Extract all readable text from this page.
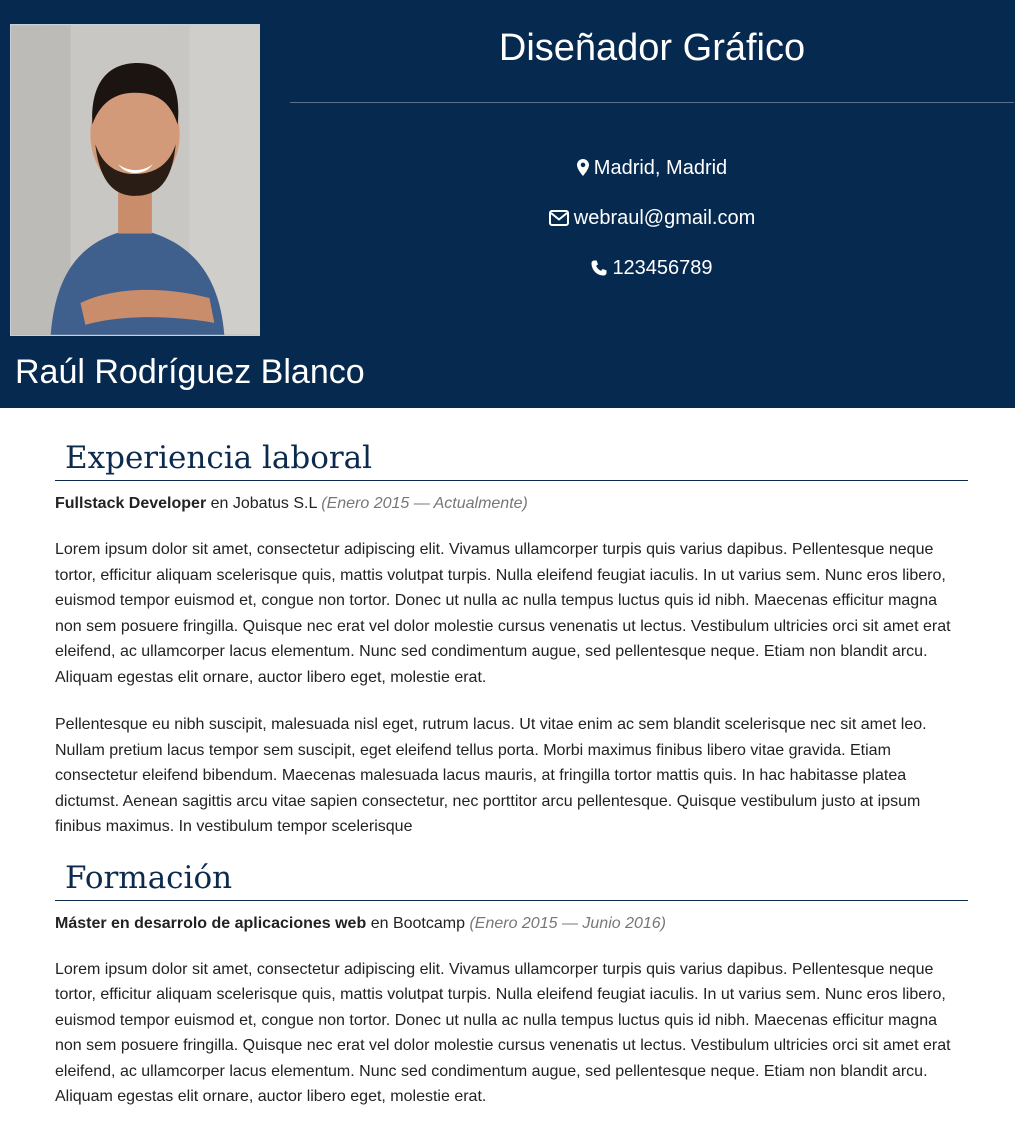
Raúl Rodríguez Blanco
Diseñador Gráfico
Madrid, Madrid
webraul@gmail.com
123456789
Experiencia laboral

Fullstack Developer en Jobatus S.L (Enero 2015 — Actualmente)

Lorem ipsum dolor sit amet, consectetur adipiscing elit. Vivamus ullamcorper turpis quis varius dapibus. Pellentesque neque tortor, efficitur aliquam scelerisque quis, mattis volutpat turpis. Nulla eleifend feugiat iaculis. In ut varius sem. Nunc eros libero, euismod tempor euismod et, congue non tortor. Donec ut nulla ac nulla tempus luctus quis id nibh. Maecenas efficitur magna non sem posuere fringilla. Quisque nec erat vel dolor molestie cursus venenatis ut lectus. Vestibulum ultricies orci sit amet erat eleifend, ac ullamcorper lacus elementum. Nunc sed condimentum augue, sed pellentesque neque. Etiam non blandit arcu. Aliquam egestas elit ornare, auctor libero eget, molestie erat.

Pellentesque eu nibh suscipit, malesuada nisl eget, rutrum lacus. Ut vitae enim ac sem blandit scelerisque nec sit amet leo. Nullam pretium lacus tempor sem suscipit, eget eleifend tellus porta. Morbi maximus finibus libero vitae gravida. Etiam consectetur eleifend bibendum. Maecenas malesuada lacus mauris, at fringilla tortor mattis quis. In hac habitasse platea dictumst. Aenean sagittis arcu vitae sapien consectetur, nec porttitor arcu pellentesque. Quisque vestibulum justo at ipsum finibus maximus. In vestibulum tempor scelerisque

Formación

Máster en desarrolo de aplicaciones web en Bootcamp (Enero 2015 — Junio 2016)

Lorem ipsum dolor sit amet, consectetur adipiscing elit. Vivamus ullamcorper turpis quis varius dapibus. Pellentesque neque tortor, efficitur aliquam scelerisque quis, mattis volutpat turpis. Nulla eleifend feugiat iaculis. In ut varius sem. Nunc eros libero, euismod tempor euismod et, congue non tortor. Donec ut nulla ac nulla tempus luctus quis id nibh. Maecenas efficitur magna non sem posuere fringilla. Quisque nec erat vel dolor molestie cursus venenatis ut lectus. Vestibulum ultricies orci sit amet erat eleifend, ac ullamcorper lacus elementum. Nunc sed condimentum augue, sed pellentesque neque. Etiam non blandit arcu. Aliquam egestas elit ornare, auctor libero eget, molestie erat.
